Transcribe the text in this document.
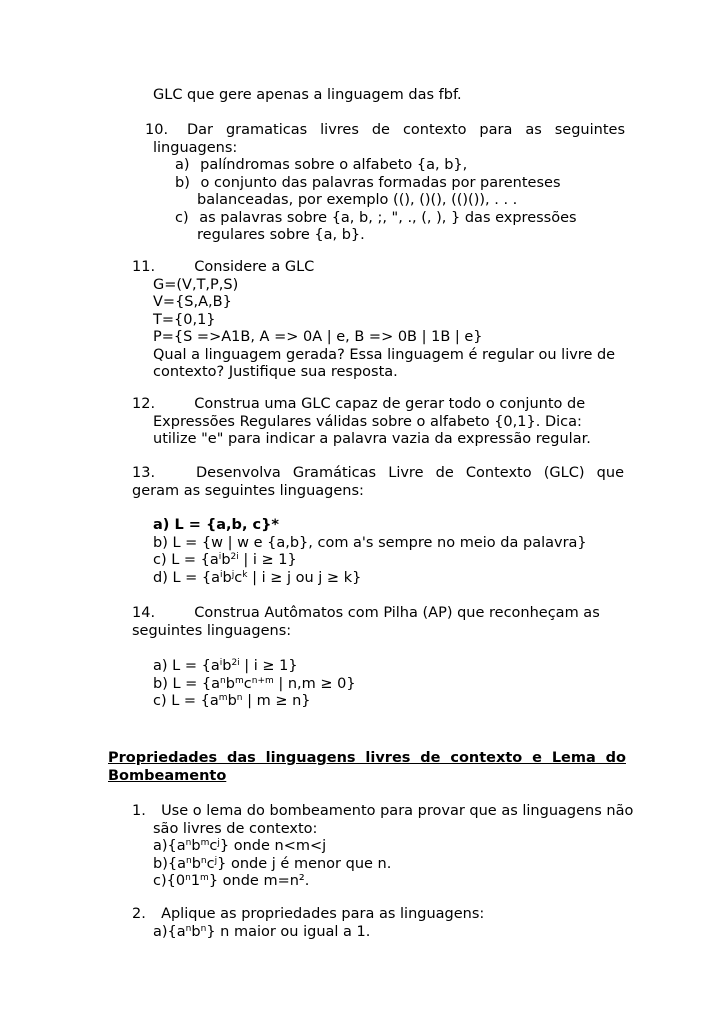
GLC que gere apenas a linguagem das fbf.
10. Dar gramaticas livres de contexto para as seguintes
linguagens:
a) palíndromas sobre o alfabeto {a, b},
b) o conjunto das palavras formadas por parenteses
balanceadas, por exemplo ((), ()(), (()()), . . .
c) as palavras sobre {a, b, ;, ", ., (, ), } das expressões
regulares sobre {a, b}.
11.	Considere a GLC
G=(V,T,P,S)
V={S,A,B}
T={0,1}
P={S =>A1B, A => 0A | e, B => 0B | 1B | e}
Qual a linguagem gerada? Essa linguagem é regular ou livre de
contexto? Justifique sua resposta.
12.	Construa uma GLC capaz de gerar todo o conjunto de
Expressões Regulares válidas sobre o alfabeto {0,1}. Dica:
utilize "e" para indicar a palavra vazia da expressão regular.
13.	Desenvolva Gramáticas Livre de Contexto (GLC) que
geram as seguintes linguagens:
a) L = {a,b, c}*
b) L = {w | w e {a,b}, com a's sempre no meio da palavra}
c) $L = \{a^ib^{2i}$ | i ≥ 1}
d) $L = \{a^ib^jc^k$ | i ≥ j ou j ≥ k}
14.	Construa Autômatos com Pilha (AP) que reconheçam as
seguintes linguagens:
a) $L = \{a^ib^{2i}$ | i ≥ 1}
b) $L = \{a^nb^mc^{n+m}$ | n,m ≥ 0}
c) $L = \{a^mb^n$ | m ≥ n}
Propriedades das linguagens livres de contexto e Lema do
Bombeamento
1. Use o lema do bombeamento para provar que as linguagens não
são livres de contexto:
$a)\{a^nb^mc^j\}$ onde n<m<j
$b)\{a^nb^nc^j\}$ onde j é menor que n.
c){0$^n$1$^m$} onde m=n².
2. Aplique as propriedades para as linguagens:
$a)\{a^nb^n\}$ n maior ou igual a 1.
